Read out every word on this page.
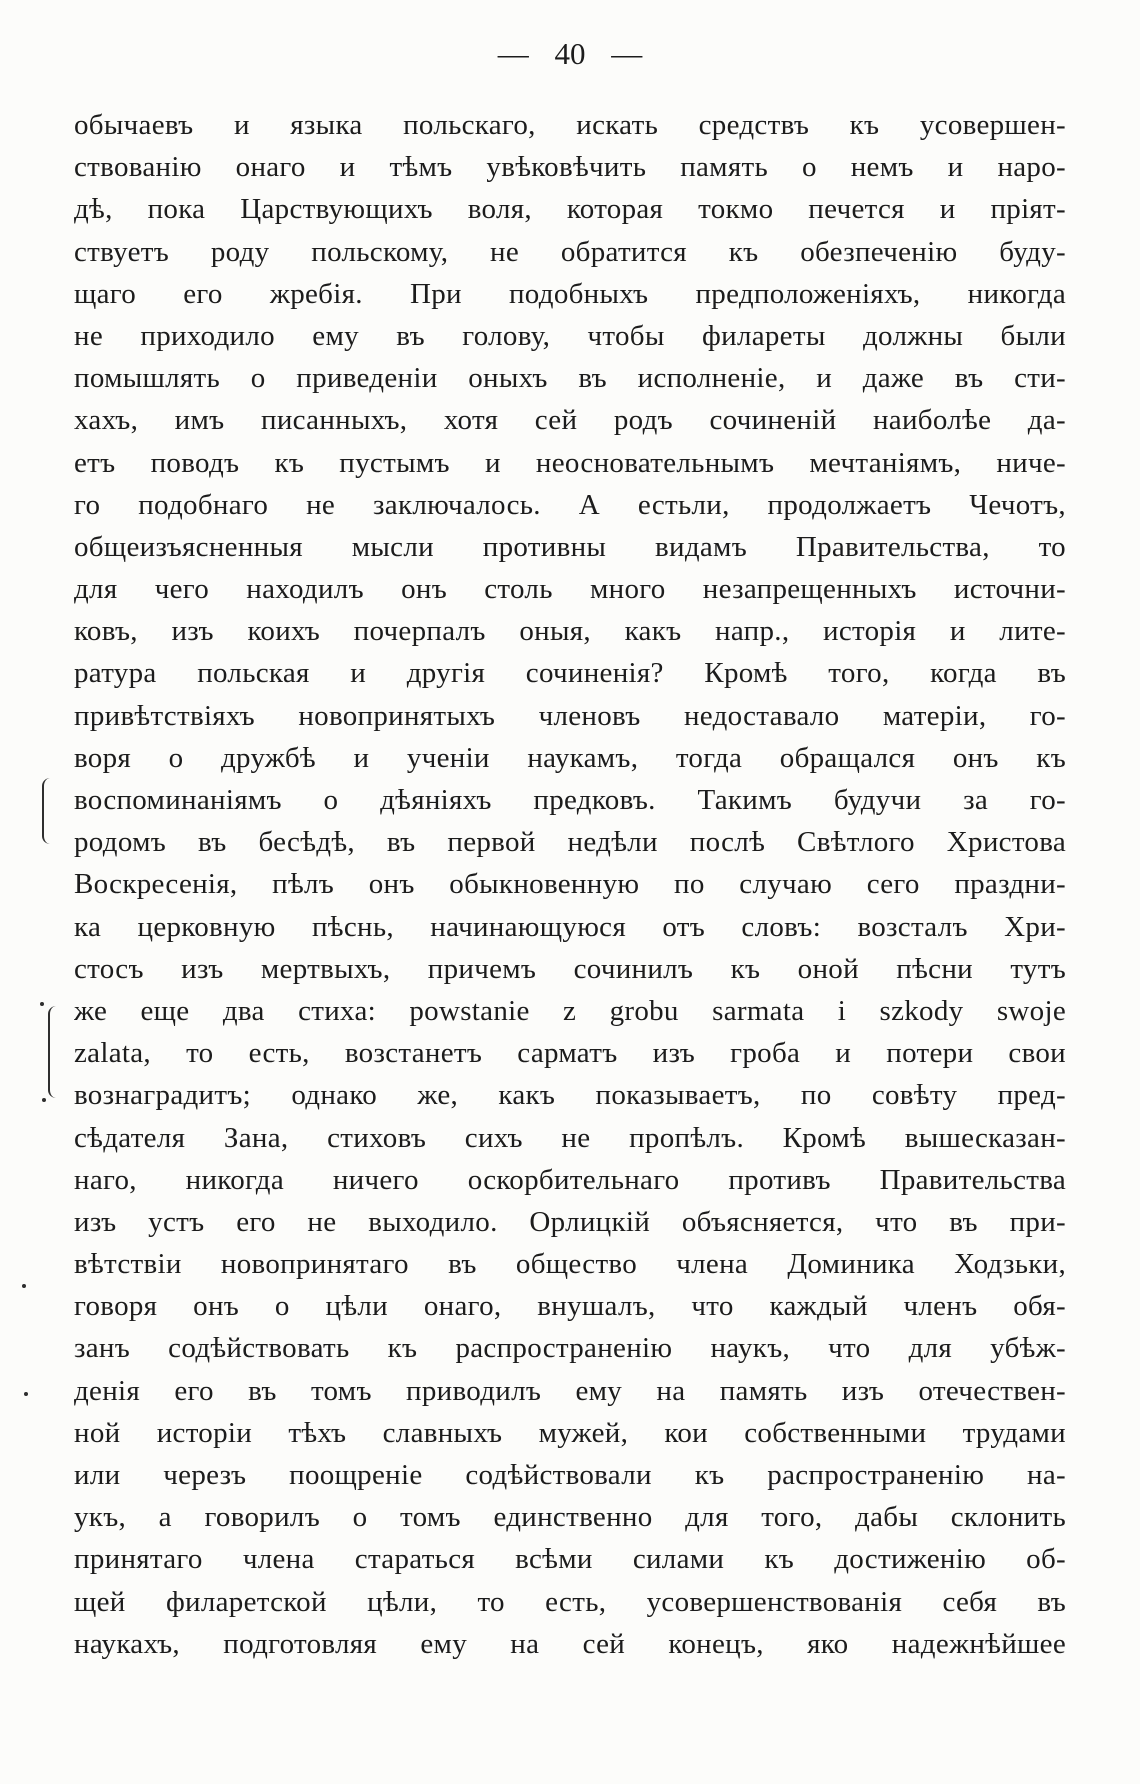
— 40 —
обычаевъ и языка польскаго, искать средствъ къ усовершен-
ствованію онаго и тѣмъ увѣковѣчить память о немъ и наро-
дѣ, пока Царствующихъ воля, которая токмо печется и пріят-
ствуетъ роду польскому, не обратится къ обезпеченію буду-
щаго его жребія. При подобныхъ предположеніяхъ, никогда
не приходило ему въ голову, чтобы филареты должны были
помышлять о приведеніи оныхъ въ исполненіе, и даже въ сти-
хахъ, имъ писанныхъ, хотя сей родъ сочиненій наиболѣе да-
етъ поводъ къ пустымъ и неосновательнымъ мечтаніямъ, ниче-
го подобнаго не заключалось. А естьли, продолжаетъ Чечотъ,
общеизъясненныя мысли противны видамъ Правительства, то
для чего находилъ онъ столь много незапрещенныхъ источни-
ковъ, изъ коихъ почерпалъ оныя, какъ напр., исторія и лите-
ратура польская и другія сочиненія? Кромѣ того, когда въ
привѣтствіяхъ новопринятыхъ членовъ недоставало матеріи, го-
воря о дружбѣ и ученіи наукамъ, тогда обращался онъ къ
воспоминаніямъ о дѣяніяхъ предковъ. Такимъ будучи за го-
родомъ въ бесѣдѣ, въ первой недѣли послѣ Свѣтлого Христова
Воскресенія, пѣлъ онъ обыкновенную по случаю сего праздни-
ка церковную пѣснь, начинающуюся отъ словъ: возсталъ Хри-
стосъ изъ мертвыхъ, причемъ сочинилъ къ оной пѣсни тутъ
же еще два стиха: powstanie z grobu sarmata i szkody swoje
zalata, то есть, возстанетъ сарматъ изъ гроба и потери свои
вознаградитъ; однако же, какъ показываетъ, по совѣту пред-
сѣдателя Зана, стиховъ сихъ не пропѣлъ. Кромѣ вышесказан-
наго, никогда ничего оскорбительнаго противъ Правительства
изъ устъ его не выходило. Орлицкій объясняется, что въ при-
вѣтствіи новопринятаго въ общество члена Доминика Ходзьки,
говоря онъ о цѣли онаго, внушалъ, что каждый членъ обя-
занъ содѣйствовать къ распространенію наукъ, что для убѣж-
денія его въ томъ приводилъ ему на память изъ отечествен-
ной исторіи тѣхъ славныхъ мужей, кои собственными трудами
или черезъ поощреніе содѣйствовали къ распространенію на-
укъ, а говорилъ о томъ единственно для того, дабы склонить
принятаго члена стараться всѣми силами къ достиженію об-
щей филаретской цѣли, то есть, усовершенствованія себя въ
наукахъ, подготовляя ему на сей конецъ, яко надежнѣйшее
